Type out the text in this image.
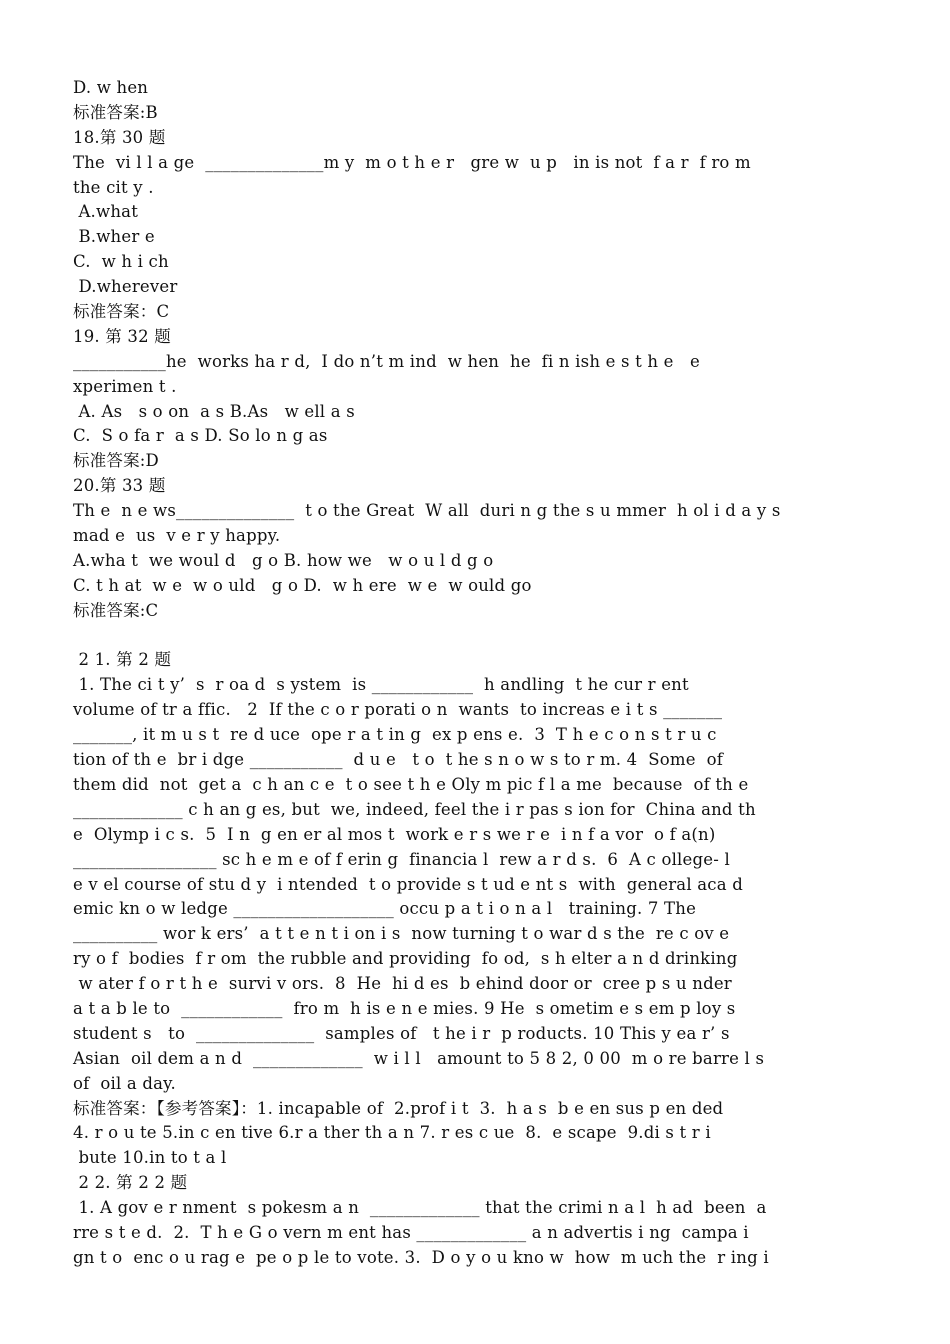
D. w hen
标准答案:B
18.第 30 题
The  vi l l a ge  ______________m y  m o t h e r   gre w  u p   in is not  f a r  f ro m
the cit y .
A.what
B.wher e
C.  w h i ch
D.wherever
标准答案：C
19. 第 32 题
___________he  works ha r d,  I do n’t m ind  w hen  he  fi n ish e s t h e   e
xperimen t .
A. As   s o on  a s B.As   w ell a s
C.  S o fa r  a s D. So lo n g as
标准答案:D
20.第 33 题
Th e  n e ws______________  t o the Great  W all  duri n g the s u mmer  h ol i d a y s
mad e  us  v e r y happy.
A.wha t  we woul d   g o B. how we   w o u l d g o
C. t h at  w e  w o uld   g o D.  w h ere  w e  w ould go
标准答案:C
2 1. 第 2 题
1. The ci t y’  s  r oa d  s ystem  is ____________  h andling  t he cur r ent
volume of tr a ffic.   2  If the c o r porati o n  wants  to increas e i t s _______
_______, it m u s t  re d uce  ope r a t in g  ex p ens e.  3  T h e c o n s t r u c
tion of th e  br i dge ___________  d u e   t o  t he s n o w s to r m. 4  Some  of
them did  not  get a  c h an c e  t o see t h e Oly m pic f l a me  because  of th e
_____________ c h an g es, but  we, indeed, feel the i r pas s ion for  China and th
e  Olymp i c s.  5  I n  g en er al mos t  work e r s we r e  i n f a vor  o f a(n)
_________________ sc h e m e of f erin g  financia l  rew a r d s.  6  A c ollege- l
e v el course of stu d y  i ntended  t o provide s t ud e nt s  with  general aca d
emic kn o w ledge ___________________ occu p a t i o n a l   training. 7 The
__________ wor k ers’  a t t e n t i on i s  now turning t o war d s the  re c ov e
ry o f  bodies  f r om  the rubble and providing  fo od,  s h elter a n d drinking
w ater f o r t h e  survi v ors.  8  He  hi d es  b ehind door or  cree p s u nder
a t a b le to  ____________  fro m  h is e n e mies. 9 He  s ometim e s em p loy s
student s   to  ______________  samples of   t he i r  p roducts. 10 This y ea r’ s
Asian  oil dem a n d  _____________  w i l l   amount to 5 8 2, 0 00  m o re barre l s
of  oil a day.
标准答案：【参考答案】：1. incapable of  2.prof i t  3.  h a s  b e en sus p en ded
4. r o u te 5.in c en tive 6.r a ther th a n 7. r es c ue  8.  e scape  9.di s t r i
bute 10.in to t a l
2 2. 第 2 2 题
1. A gov e r nment  s pokesm a n  _____________ that the crimi n a l  h ad  been  a
rre s t e d.  2.  T h e G o vern m ent has _____________ a n advertis i ng  campa i
gn t o  enc o u rag e  pe o p le to vote. 3.  D o y o u kno w  how  m uch the  r ing i
